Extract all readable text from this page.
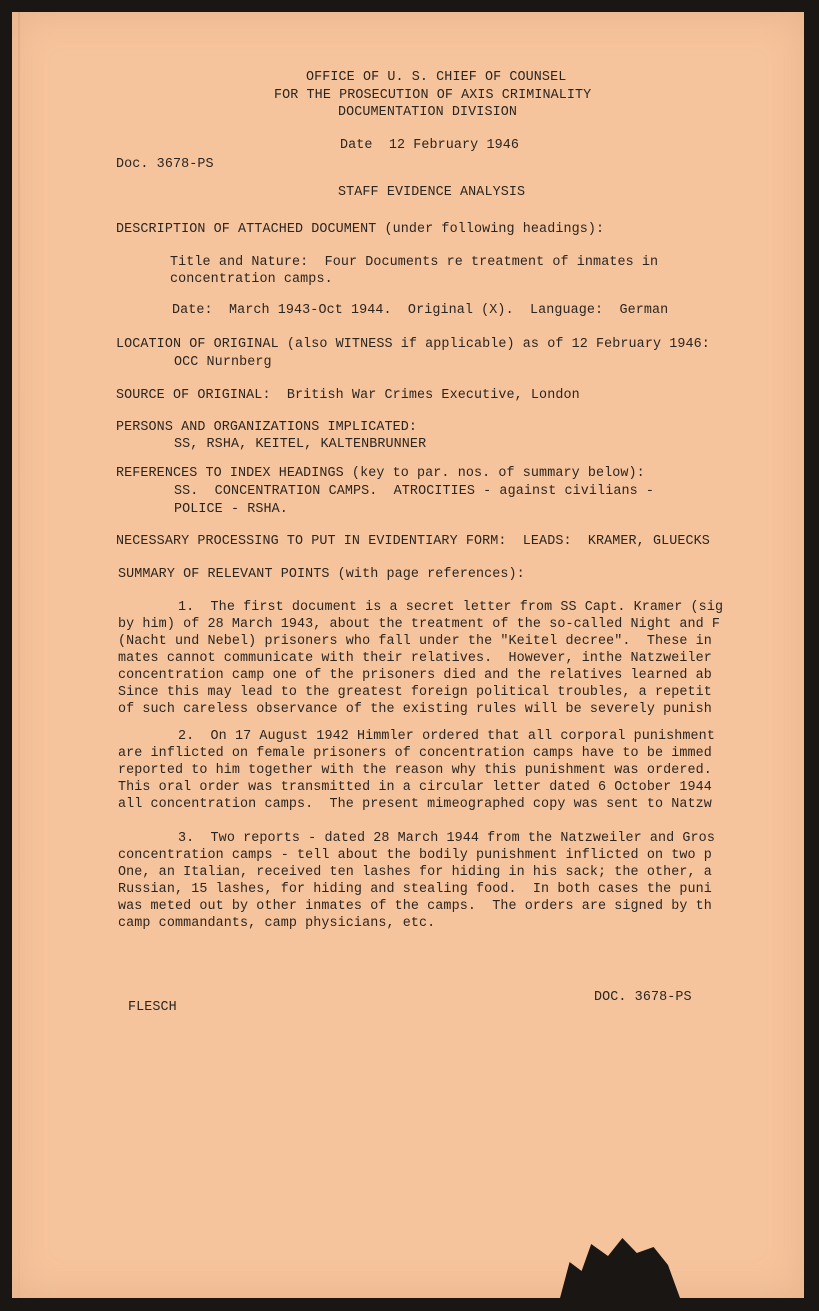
OFFICE OF U. S. CHIEF OF COUNSEL
FOR THE PROSECUTION OF AXIS CRIMINALITY
DOCUMENTATION DIVISION
Date  12 February 1946
Doc. 3678-PS
STAFF EVIDENCE ANALYSIS
DESCRIPTION OF ATTACHED DOCUMENT (under following headings):
Title and Nature:  Four Documents re treatment of inmates in
concentration camps.
Date:  March 1943-Oct 1944.  Original (X).  Language:  German
LOCATION OF ORIGINAL (also WITNESS if applicable) as of 12 February 1946:
OCC Nurnberg
SOURCE OF ORIGINAL:  British War Crimes Executive, London
PERSONS AND ORGANIZATIONS IMPLICATED:
SS, RSHA, KEITEL, KALTENBRUNNER
REFERENCES TO INDEX HEADINGS (key to par. nos. of summary below):
SS.  CONCENTRATION CAMPS.  ATROCITIES - against civilians -
POLICE - RSHA.
NECESSARY PROCESSING TO PUT IN EVIDENTIARY FORM:  LEADS:  KRAMER, GLUECKS
SUMMARY OF RELEVANT POINTS (with page references):
1.  The first document is a secret letter from SS Capt. Kramer (sig
by him) of 28 March 1943, about the treatment of the so-called Night and F
(Nacht und Nebel) prisoners who fall under the "Keitel decree".  These in
mates cannot communicate with their relatives.  However, inthe Natzweiler
concentration camp one of the prisoners died and the relatives learned ab
Since this may lead to the greatest foreign political troubles, a repetit
of such careless observance of the existing rules will be severely punish
2.  On 17 August 1942 Himmler ordered that all corporal punishment
are inflicted on female prisoners of concentration camps have to be immed
reported to him together with the reason why this punishment was ordered.
This oral order was transmitted in a circular letter dated 6 October 1944
all concentration camps.  The present mimeographed copy was sent to Natzw
3.  Two reports - dated 28 March 1944 from the Natzweiler and Gros
concentration camps - tell about the bodily punishment inflicted on two p
One, an Italian, received ten lashes for hiding in his sack; the other, a
Russian, 15 lashes, for hiding and stealing food.  In both cases the puni
was meted out by other inmates of the camps.  The orders are signed by th
camp commandants, camp physicians, etc.
FLESCH
DOC. 3678-PS
